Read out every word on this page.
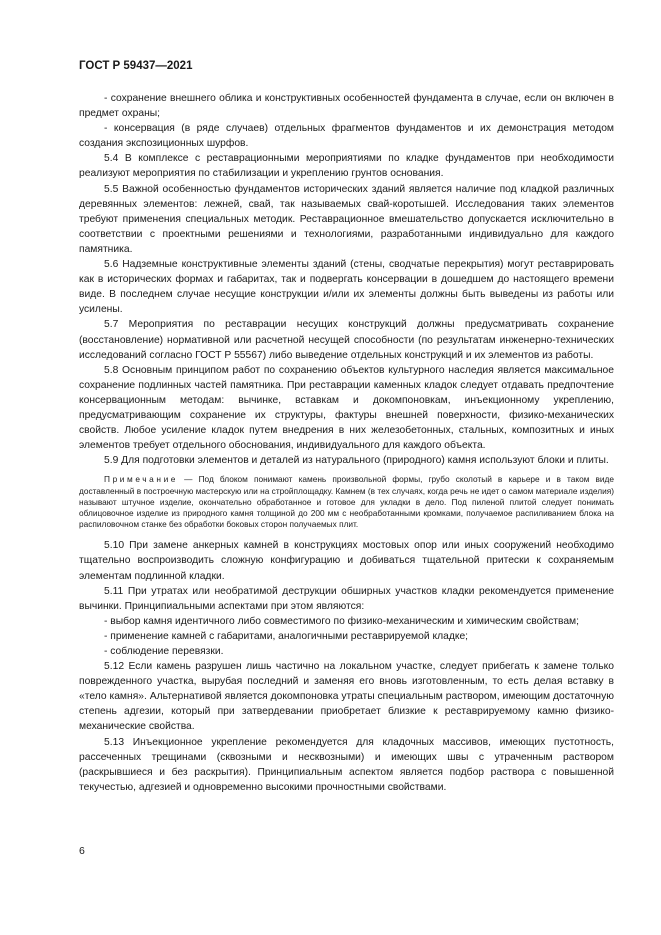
ГОСТ Р 59437—2021

- сохранение внешнего облика и конструктивных особенностей фундамента в случае, если он включен в предмет охраны;

- консервация (в ряде случаев) отдельных фрагментов фундаментов и их демонстрация методом создания экспозиционных шурфов.

5.4 В комплексе с реставрационными мероприятиями по кладке фундаментов при необходимости реализуют мероприятия по стабилизации и укреплению грунтов основания.

5.5 Важной особенностью фундаментов исторических зданий является наличие под кладкой различных деревянных элементов: лежней, свай, так называемых свай-коротышей. Исследования таких элементов требуют применения специальных методик. Реставрационное вмешательство допускается исключительно в соответствии с проектными решениями и технологиями, разработанными индивидуально для каждого памятника.

5.6 Надземные конструктивные элементы зданий (стены, сводчатые перекрытия) могут реставрировать как в исторических формах и габаритах, так и подвергать консервации в дошедшем до настоящего времени виде. В последнем случае несущие конструкции и/или их элементы должны быть выведены из работы или усилены.

5.7 Мероприятия по реставрации несущих конструкций должны предусматривать сохранение (восстановление) нормативной или расчетной несущей способности (по результатам инженерно-технических исследований согласно ГОСТ Р 55567) либо выведение отдельных конструкций и их элементов из работы.

5.8 Основным принципом работ по сохранению объектов культурного наследия является максимальное сохранение подлинных частей памятника. При реставрации каменных кладок следует отдавать предпочтение консервационным методам: вычинке, вставкам и докомпоновкам, инъекционному укреплению, предусматривающим сохранение их структуры, фактуры внешней поверхности, физико-механических свойств. Любое усиление кладок путем внедрения в них железобетонных, стальных, композитных и иных элементов требует отдельного обоснования, индивидуального для каждого объекта.

5.9 Для подготовки элементов и деталей из натурального (природного) камня используют блоки и плиты.

Примечание — Под блоком понимают камень произвольной формы, грубо сколотый в карьере и в таком виде доставленный в построечную мастерскую или на стройплощадку. Камнем (в тех случаях, когда речь не идет о самом материале изделия) называют штучное изделие, окончательно обработанное и готовое для укладки в дело. Под пиленой плитой следует понимать облицовочное изделие из природного камня толщиной до 200 мм с необработанными кромками, получаемое распиливанием блока на распиловочном станке без обработки боковых сторон получаемых плит.

5.10 При замене анкерных камней в конструкциях мостовых опор или иных сооружений необходимо тщательно воспроизводить сложную конфигурацию и добиваться тщательной притески к сохраняемым элементам подлинной кладки.

5.11 При утратах или необратимой деструкции обширных участков кладки рекомендуется применение вычинки. Принципиальными аспектами при этом являются:

- выбор камня идентичного либо совместимого по физико-механическим и химическим свойствам;

- применение камней с габаритами, аналогичными реставрируемой кладке;

- соблюдение перевязки.

5.12 Если камень разрушен лишь частично на локальном участке, следует прибегать к замене только поврежденного участка, вырубая последний и заменяя его вновь изготовленным, то есть делая вставку в «тело камня». Альтернативой является докомпоновка утраты специальным раствором, имеющим достаточную степень адгезии, который при затвердевании приобретает близкие к реставрируемому камню физико-механические свойства.

5.13 Инъекционное укрепление рекомендуется для кладочных массивов, имеющих пустотность, рассеченных трещинами (сквозными и несквозными) и имеющих швы с утраченным раствором (раскрывшиеся и без раскрытия). Принципиальным аспектом является подбор раствора с повышенной текучестью, адгезией и одновременно высокими прочностными свойствами.

6
